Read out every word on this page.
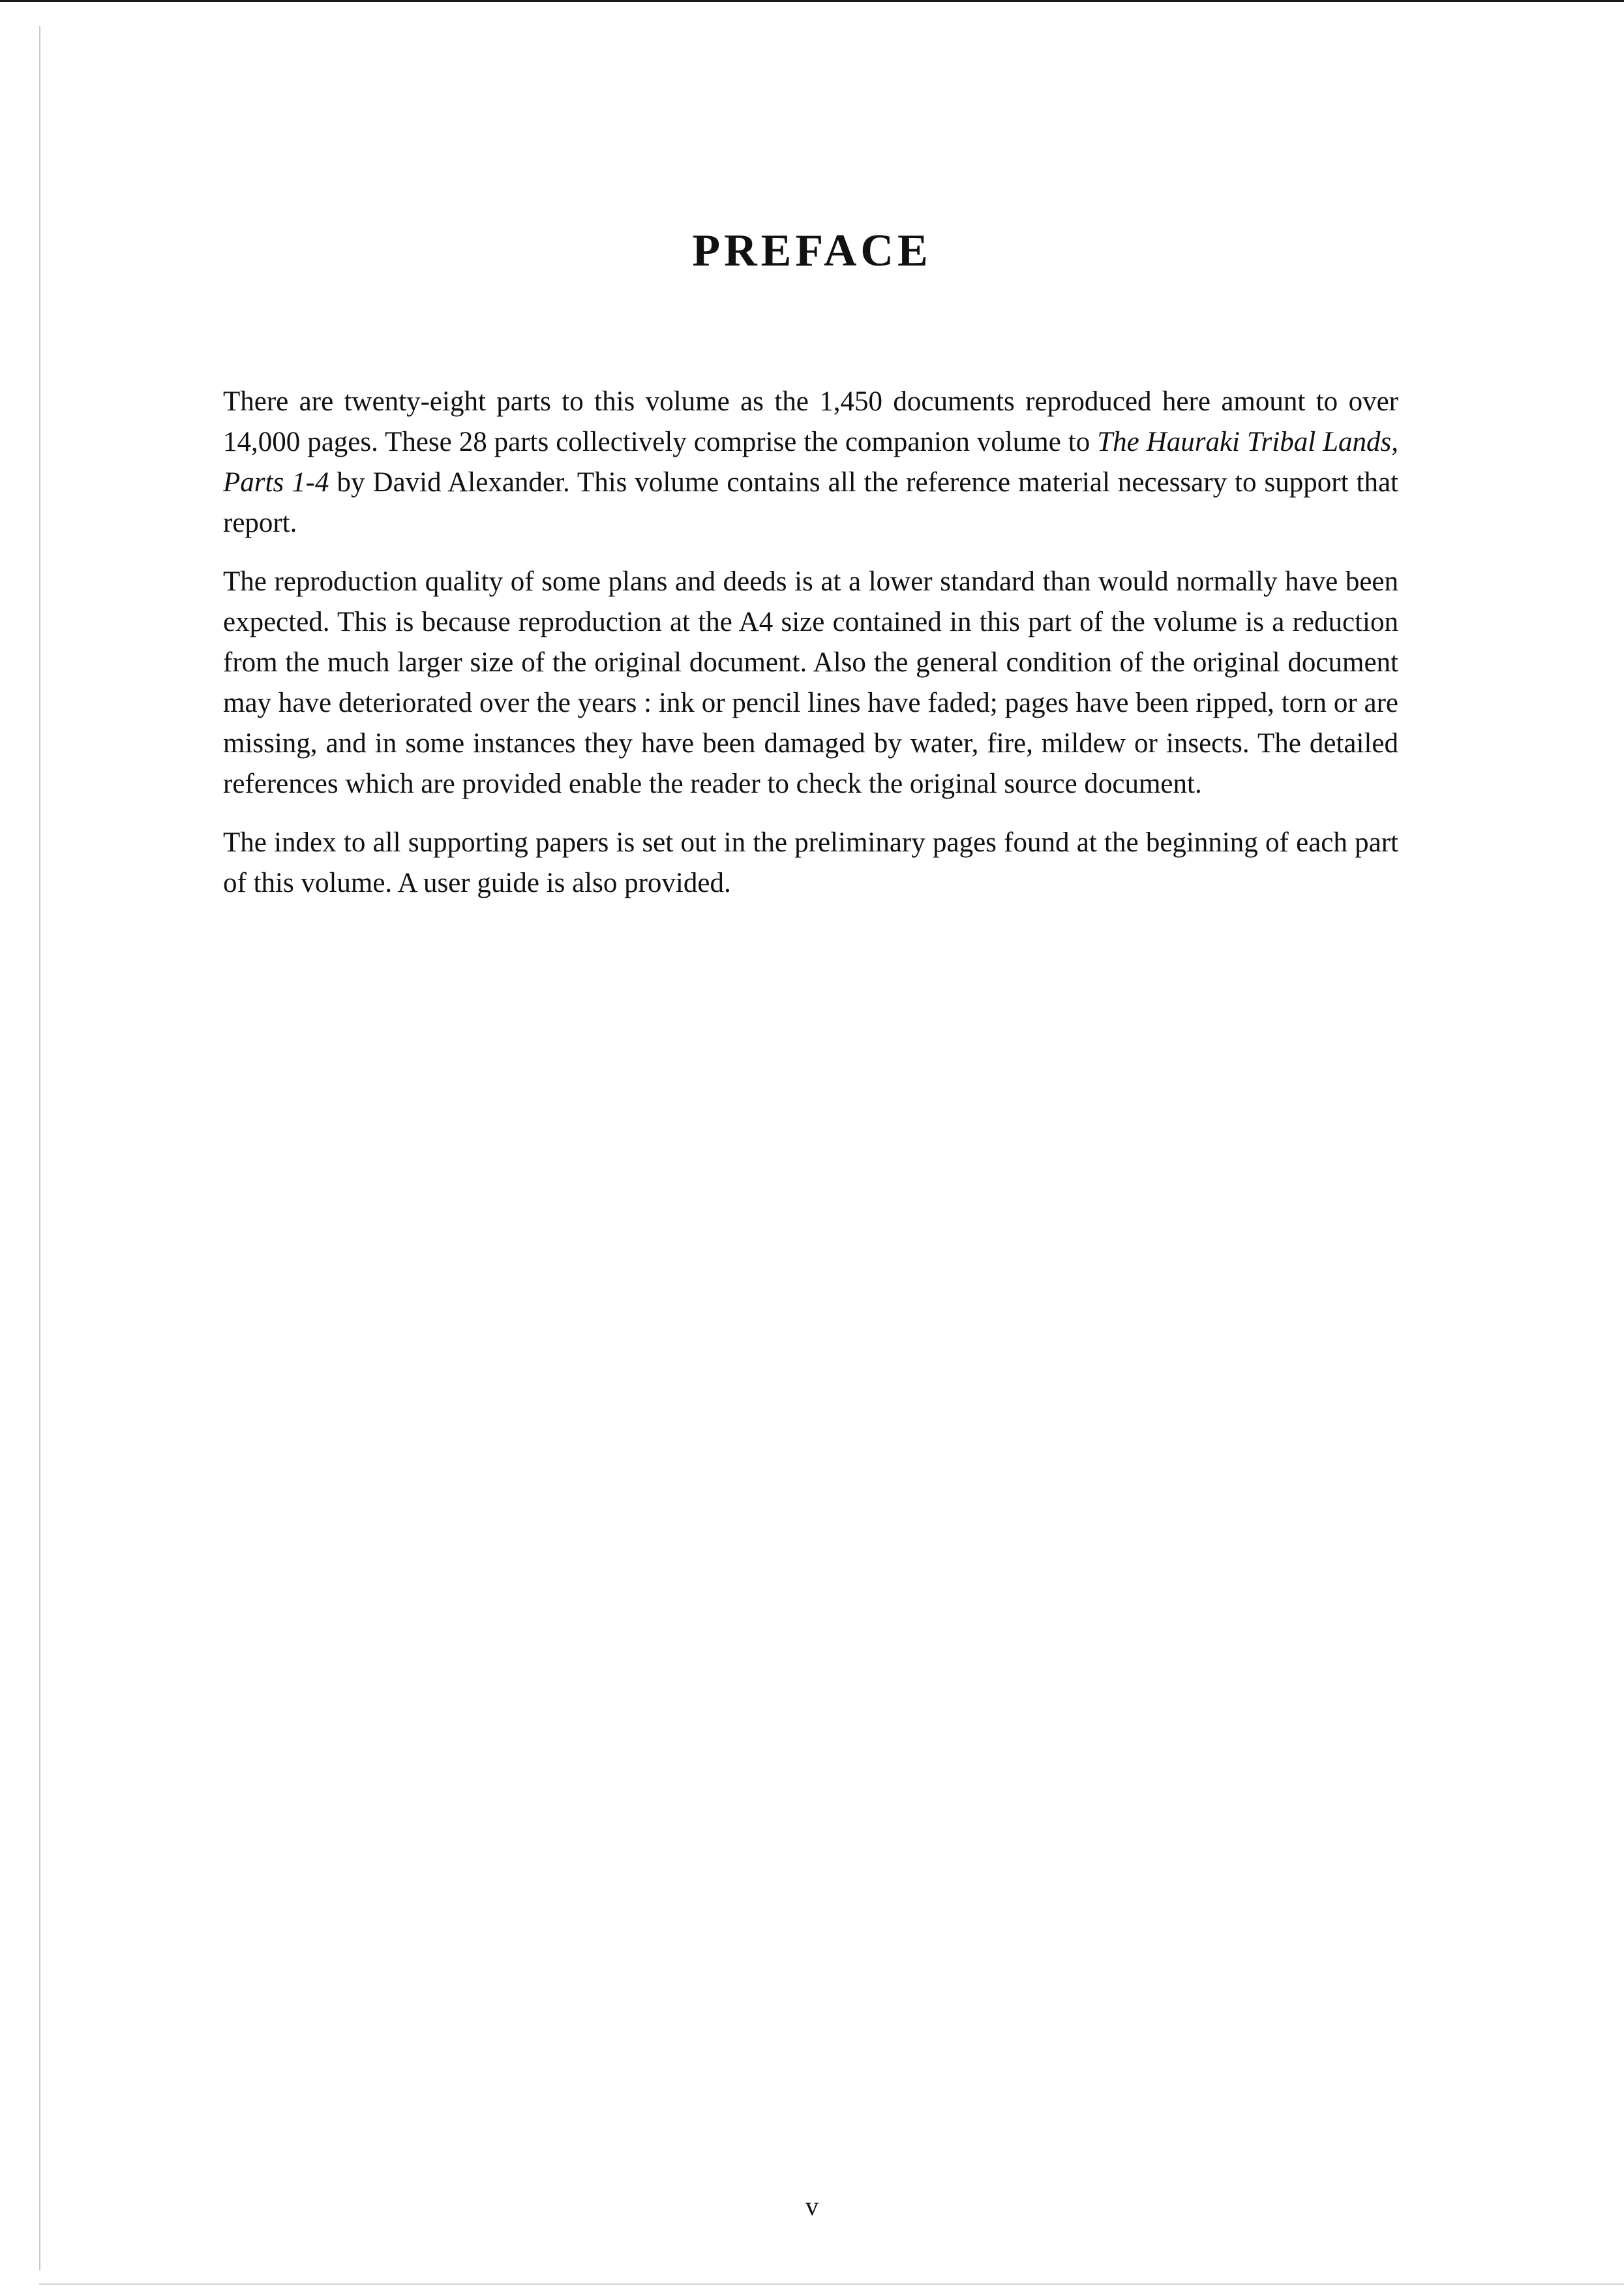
PREFACE

There are twenty-eight parts to this volume as the 1,450 documents reproduced here amount to over 14,000 pages. These 28 parts collectively comprise the companion volume to The Hauraki Tribal Lands, Parts 1-4 by David Alexander. This volume contains all the reference material necessary to support that report.

The reproduction quality of some plans and deeds is at a lower standard than would normally have been expected. This is because reproduction at the A4 size contained in this part of the volume is a reduction from the much larger size of the original document. Also the general condition of the original document may have deteriorated over the years : ink or pencil lines have faded; pages have been ripped, torn or are missing, and in some instances they have been damaged by water, fire, mildew or insects. The detailed references which are provided enable the reader to check the original source document.

The index to all supporting papers is set out in the preliminary pages found at the beginning of each part of this volume. A user guide is also provided.

v
